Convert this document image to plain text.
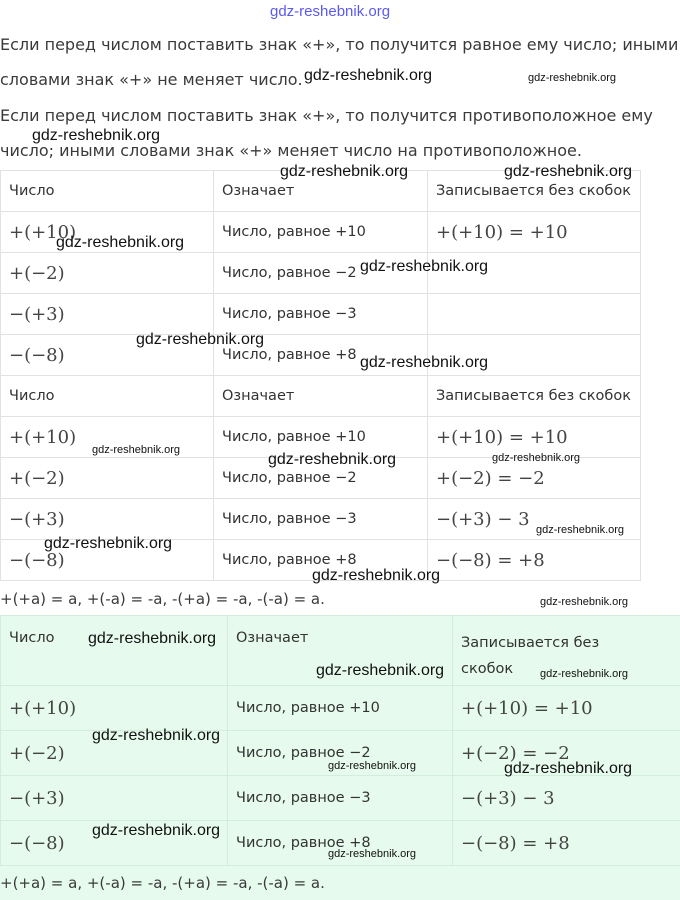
gdz-reshebnik.org
Если перед числом поставить знак «+», то получится равное ему число; иными
словами знак «+» не меняет число.
Если перед числом поставить знак «+», то получится противоположное ему
число; иными словами знак «+» меняет число на противоположное.
Число	Означает	Записывается без скобок
+(+10)	Число, равное +10	+(+10) = +10
+(−2)	Число, равное −2	
−(+3)	Число, равное −3	
−(−8)	Число, равное +8	
Число	Означает	Записывается без скобок
+(+10)	Число, равное +10	+(+10) = +10
+(−2)	Число, равное −2	+(−2) = −2
−(+3)	Число, равное −3	−(+3) − 3
−(−8)	Число, равное +8	−(−8) = +8
+(+a) = a, +(-a) = -a, -(+a) = -a, -(-a) = a.
Число	Означает	Записывается без
скобок
+(+10)	Число, равное +10	+(+10) = +10
+(−2)	Число, равное −2	+(−2) = −2
−(+3)	Число, равное −3	−(+3) − 3
−(−8)	Число, равное +8	−(−8) = +8
+(+a) = a, +(-a) = -a, -(+a) = -a, -(-a) = a.
gdz-reshebnik.org	gdz-reshebnik.org
gdz-reshebnik.org
gdz-reshebnik.org	gdz-reshebnik.org
gdz-reshebnik.org
gdz-reshebnik.org
gdz-reshebnik.org
gdz-reshebnik.org
gdz-reshebnik.org
gdz-reshebnik.org	gdz-reshebnik.org
gdz-reshebnik.org
gdz-reshebnik.org
gdz-reshebnik.org
gdz-reshebnik.org
gdz-reshebnik.org
gdz-reshebnik.org	gdz-reshebnik.org
gdz-reshebnik.org
gdz-reshebnik.org	gdz-reshebnik.org
gdz-reshebnik.org
gdz-reshebnik.org
